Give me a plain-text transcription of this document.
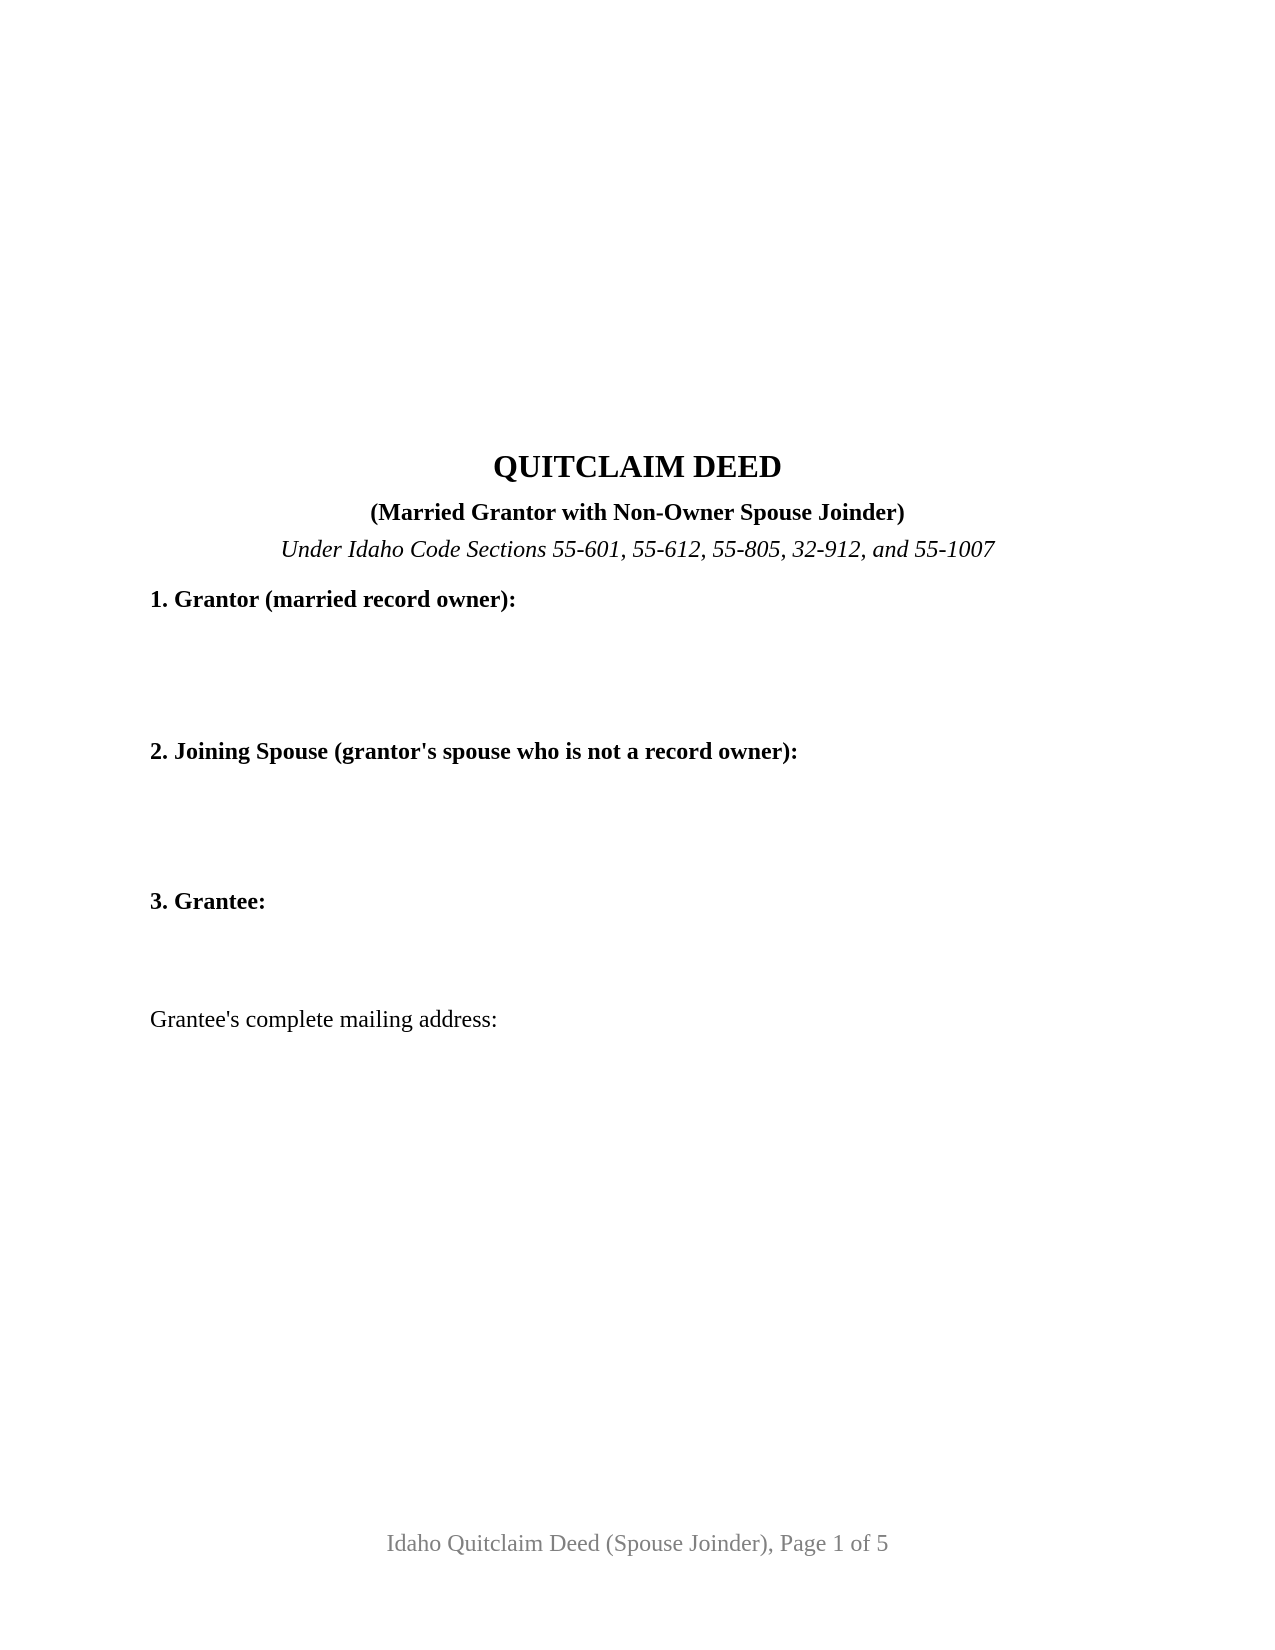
QUITCLAIM DEED
(Married Grantor with Non-Owner Spouse Joinder)
Under Idaho Code Sections 55-601, 55-612, 55-805, 32-912, and 55-1007
1. Grantor (married record owner):
2. Joining Spouse (grantor's spouse who is not a record owner):
3. Grantee:
Grantee's complete mailing address:
Idaho Quitclaim Deed (Spouse Joinder), Page 1 of 5
